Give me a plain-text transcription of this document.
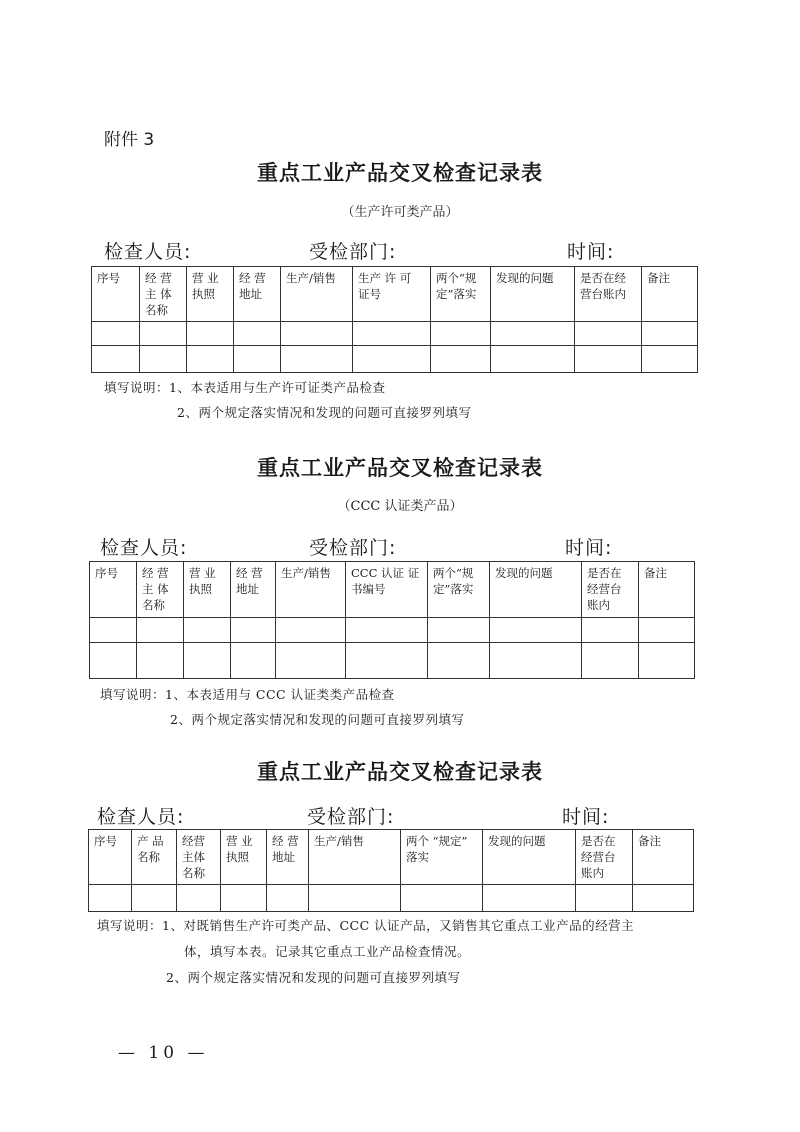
附件 3
重点工业产品交叉检查记录表
（生产许可类产品）
检查人员:	受检部门:	时间:
序号	经 营 主 体 名称	营 业 执照	经 营 地址	生产/销售	生产 许 可 证号	两个“规 定”落实	发现的问题	是否在经 营台账内	备注

填写说明：1、本表适用与生产许可证类产品检查
2、两个规定落实情况和发现的问题可直接罗列填写
重点工业产品交叉检查记录表
（CCC 认证类产品）
检查人员:	受检部门:	时间:
序号	经 营 主 体 名称	营 业 执照	经 营 地址	生产/销售	CCC 认证 证书编号	两个“规 定”落实	发现的问题	是否在 经营台 账内	备注

填写说明：1、本表适用与 CCC 认证类类产品检查
2、两个规定落实情况和发现的问题可直接罗列填写
重点工业产品交叉检查记录表
检查人员:	受检部门:	时间:
序号	产 品 名称	经营 主体 名称	营 业 执照	经 营 地址	生产/销售	两个 “规定” 落实	发现的问题	是否在 经营台 账内	备注

填写说明：1、对既销售生产许可类产品、CCC 认证产品，又销售其它重点工业产品的经营主
体，填写本表。记录其它重点工业产品检查情况。
2、两个规定落实情况和发现的问题可直接罗列填写
— 10 —
